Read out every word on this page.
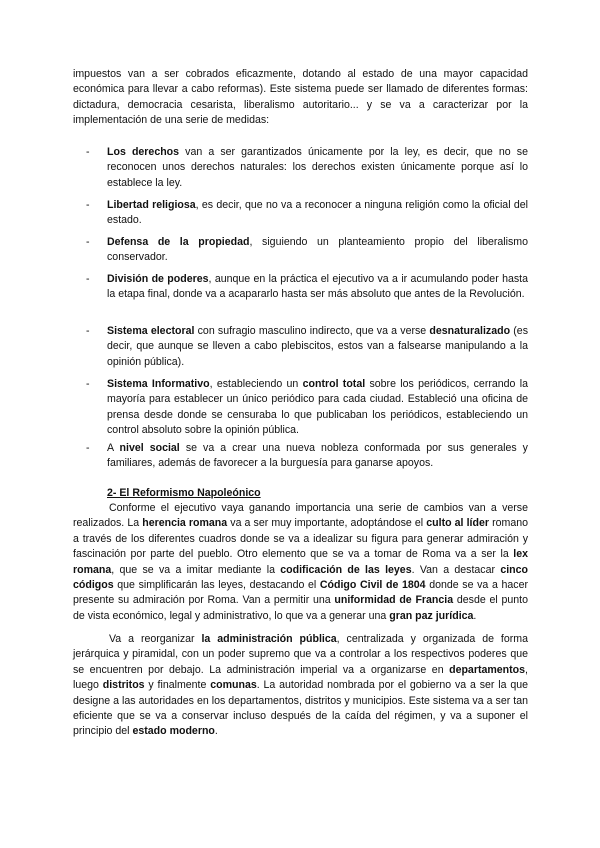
impuestos van a ser cobrados eficazmente, dotando al estado de una mayor capacidad económica para llevar a cabo reformas). Este sistema puede ser llamado de diferentes formas: dictadura, democracia cesarista, liberalismo autoritario... y se va a caracterizar por la implementación de una serie de medidas:

-	Los derechos van a ser garantizados únicamente por la ley, es decir, que no se reconocen unos derechos naturales: los derechos existen únicamente porque así lo establece la ley.

-	Libertad religiosa, es decir, que no va a reconocer a ninguna religión como la oficial del estado.

-	Defensa de la propiedad, siguiendo un planteamiento propio del liberalismo conservador.

-	División de poderes, aunque en la práctica el ejecutivo va a ir acumulando poder hasta la etapa final, donde va a acapararlo hasta ser más absoluto que antes de la Revolución.

-	Sistema electoral con sufragio masculino indirecto, que va a verse desnaturalizado (es decir, que aunque se lleven a cabo plebiscitos, estos van a falsearse manipulando a la opinión pública).

-	Sistema Informativo, estableciendo un control total sobre los periódicos, cerrando la mayoría para establecer un único periódico para cada ciudad. Estableció una oficina de prensa desde donde se censuraba lo que publicaban los periódicos, estableciendo un control absoluto sobre la opinión pública.

-	A nivel social se va a crear una nueva nobleza conformada por sus generales y familiares, además de favorecer a la burguesía para ganarse apoyos.

2- El Reformismo Napoleónico

Conforme el ejecutivo vaya ganando importancia una serie de cambios van a verse realizados. La herencia romana va a ser muy importante, adoptándose el culto al líder romano a través de los diferentes cuadros donde se va a idealizar su figura para generar admiración y fascinación por parte del pueblo. Otro elemento que se va a tomar de Roma va a ser la lex romana, que se va a imitar mediante la codificación de las leyes. Van a destacar cinco códigos que simplificarán las leyes, destacando el Código Civil de 1804 donde se va a hacer presente su admiración por Roma. Van a permitir una uniformidad de Francia desde el punto de vista económico, legal y administrativo, lo que va a generar una gran paz jurídica.

Va a reorganizar la administración pública, centralizada y organizada de forma jerárquica y piramidal, con un poder supremo que va a controlar a los respectivos poderes que se encuentren por debajo. La administración imperial va a organizarse en departamentos, luego distritos y finalmente comunas. La autoridad nombrada por el gobierno va a ser la que designe a las autoridades en los departamentos, distritos y municipios. Este sistema va a ser tan eficiente que se va a conservar incluso después de la caída del régimen, y va a suponer el principio del estado moderno.
